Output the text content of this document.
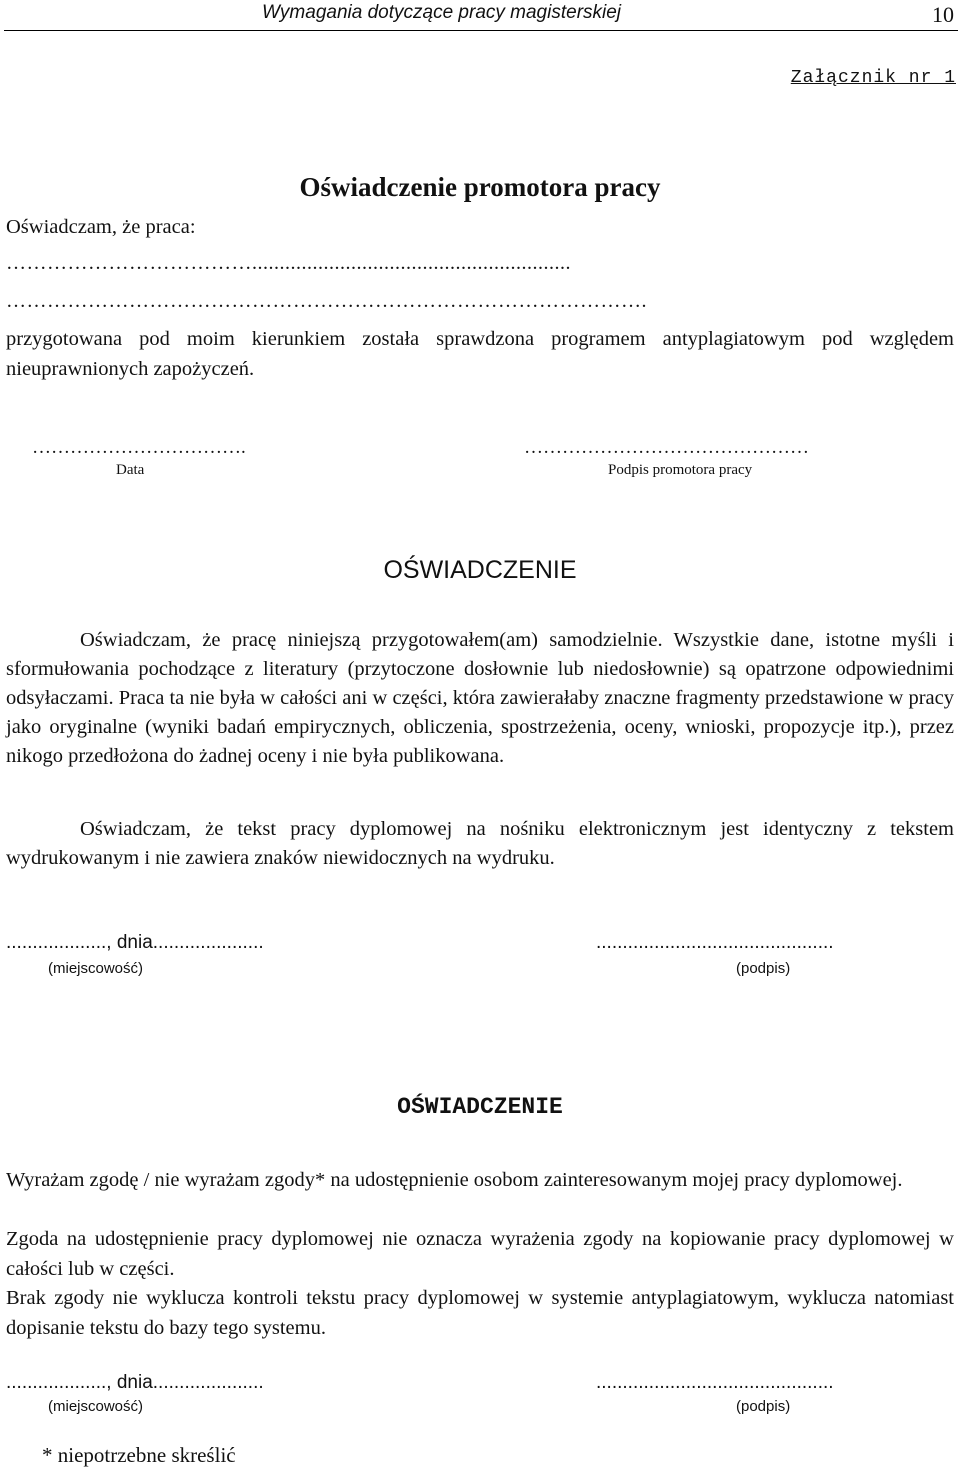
Wymagania dotyczące pracy magisterskiej	10
Załącznik nr 1
Oświadczenie promotora pracy
Oświadczam, że praca:
………………………………..........................................................
………………………………………………………………………………….
przygotowana pod moim kierunkiem została sprawdzona programem antyplagiatowym pod względem nieuprawnionych zapożyczeń.
…………………………….
Data
………………………………………
Podpis promotora pracy
OŚWIADCZENIE
Oświadczam, że pracę niniejszą przygotowałem(am) samodzielnie. Wszystkie dane, istotne myśli i sformułowania pochodzące z literatury (przytoczone dosłownie lub niedosłownie) są opatrzone odpowiednimi odsyłaczami. Praca ta nie była w całości ani w części, która zawierałaby znaczne fragmenty przedstawione w pracy jako oryginalne (wyniki badań empirycznych, obliczenia, spostrzeżenia, oceny, wnioski, propozycje itp.), przez nikogo przedłożona do żadnej oceny i nie była publikowana.
Oświadczam, że tekst pracy dyplomowej na nośniku elektronicznym jest identyczny z tekstem wydrukowanym i nie zawiera znaków niewidocznych na wydruku.
..................., dnia.....................	.............................................
(miejscowość)	(podpis)
OŚWIADCZENIE
Wyrażam zgodę / nie wyrażam zgody* na udostępnienie osobom zainteresowanym mojej pracy dyplomowej.
Zgoda na udostępnienie pracy dyplomowej nie oznacza wyrażenia zgody na kopiowanie pracy dyplomowej w całości lub w części.
Brak zgody nie wyklucza kontroli tekstu pracy dyplomowej w systemie antyplagiatowym, wyklucza natomiast dopisanie tekstu do bazy tego systemu.
..................., dnia.....................	.............................................
(miejscowość)	(podpis)
* niepotrzebne skreślić
